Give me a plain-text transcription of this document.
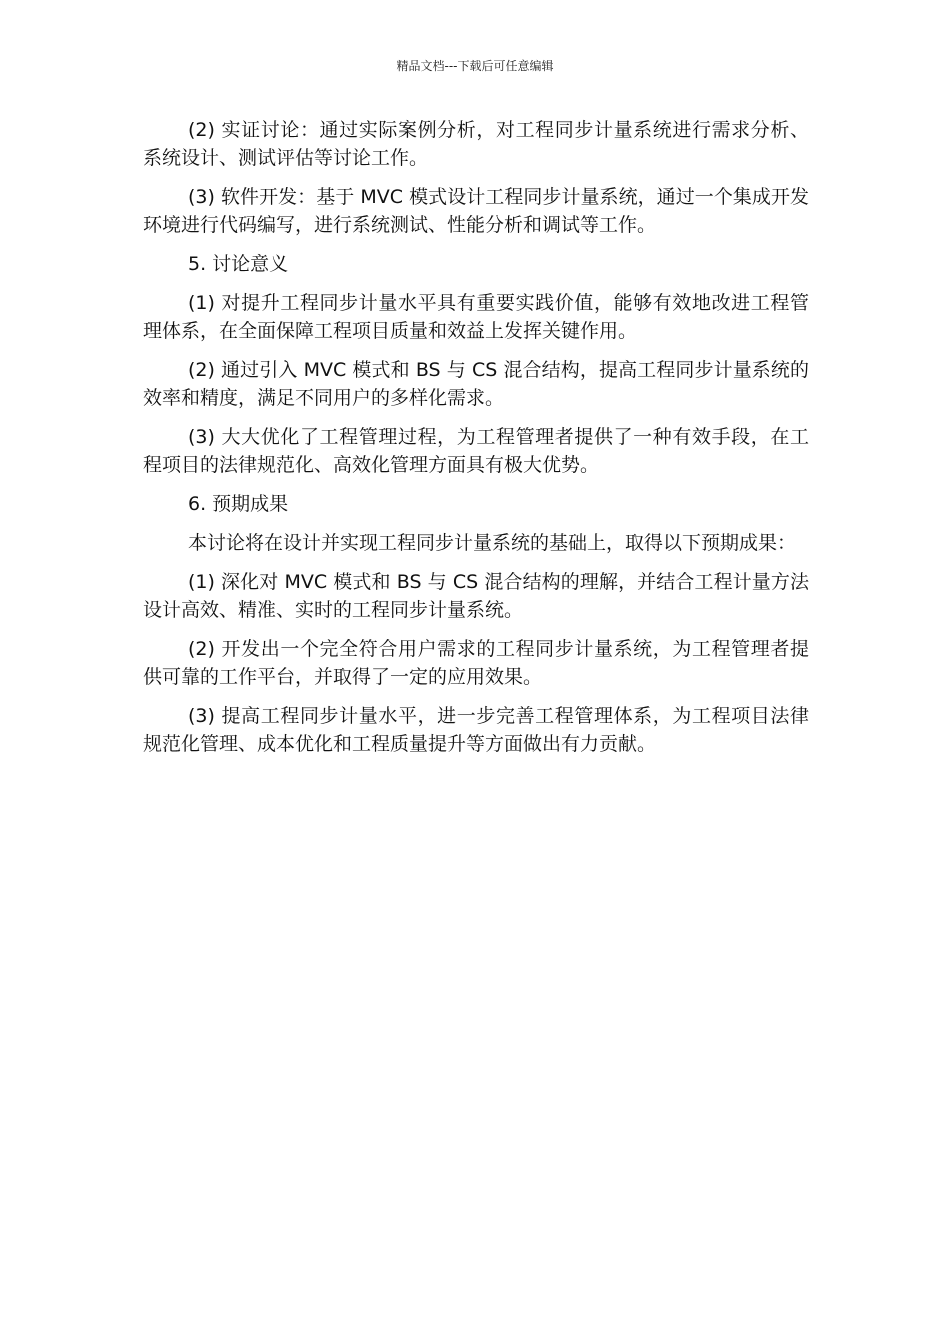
精品文档---下载后可任意编辑

(2) 实证讨论：通过实际案例分析，对工程同步计量系统进行需求分析、系统设计、测试评估等讨论工作。

(3) 软件开发：基于 MVC 模式设计工程同步计量系统，通过一个集成开发环境进行代码编写，进行系统测试、性能分析和调试等工作。

5. 讨论意义

(1) 对提升工程同步计量水平具有重要实践价值，能够有效地改进工程管理体系，在全面保障工程项目质量和效益上发挥关键作用。

(2) 通过引入 MVC 模式和 BS 与 CS 混合结构，提高工程同步计量系统的效率和精度，满足不同用户的多样化需求。

(3) 大大优化了工程管理过程，为工程管理者提供了一种有效手段，在工程项目的法律规范化、高效化管理方面具有极大优势。

6. 预期成果

本讨论将在设计并实现工程同步计量系统的基础上，取得以下预期成果：

(1) 深化对 MVC 模式和 BS 与 CS 混合结构的理解，并结合工程计量方法设计高效、精准、实时的工程同步计量系统。

(2) 开发出一个完全符合用户需求的工程同步计量系统，为工程管理者提供可靠的工作平台，并取得了一定的应用效果。

(3) 提高工程同步计量水平，进一步完善工程管理体系，为工程项目法律规范化管理、成本优化和工程质量提升等方面做出有力贡献。
